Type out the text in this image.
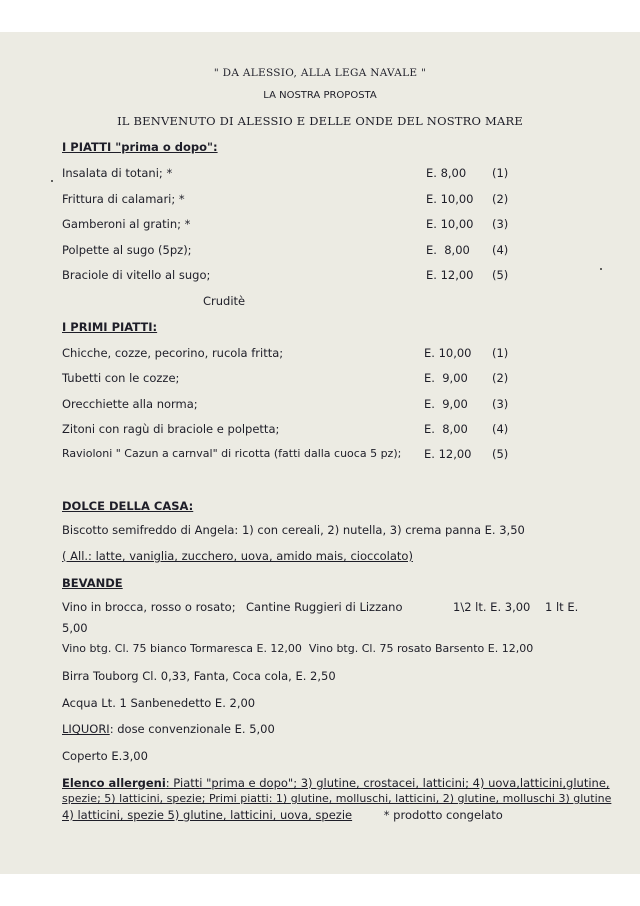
" DA ALESSIO, ALLA LEGA NAVALE "
LA NOSTRA PROPOSTA
IL BENVENUTO DI ALESSIO E DELLE ONDE DEL NOSTRO MARE
I PIATTI "prima o dopo":
Insalata di totani; *	E. 8,00 (1)
Frittura di calamari; *	E. 10,00 (2)
Gamberoni al gratin; *	E. 10,00 (3)
Polpette al sugo (5pz);	E.  8,00 (4)
Braciole di vitello al sugo;	E. 12,00 (5)
Cruditè
I PRIMI PIATTI:
Chicche, cozze, pecorino, rucola fritta;	E. 10,00 (1)
Tubetti con le cozze;	E.  9,00 (2)
Orecchiette alla norma;	E.  9,00 (3)
Zitoni con ragù di braciole e polpetta;	E.  8,00 (4)
Ravioloni " Cazun a carnval" di ricotta (fatti dalla cuoca 5 pz); E. 12,00 (5)
DOLCE DELLA CASA:
Biscotto semifreddo di Angela: 1) con cereali, 2) nutella, 3) crema panna E. 3,50
( All.: latte, vaniglia, zucchero, uova, amido mais, cioccolato)
BEVANDE
Vino in brocca, rosso o rosato; Cantine Ruggieri di Lizzano	1\2 lt. E. 3,00    1 lt E.
5,00
Vino btg. Cl. 75 bianco Tormaresca E. 12,00  Vino btg. Cl. 75 rosato Barsento E. 12,00
Birra Touborg Cl. 0,33, Fanta, Coca cola, E. 2,50
Acqua Lt. 1 Sanbenedetto E. 2,00
LIQUORI: dose convenzionale E. 5,00
Coperto E.3,00
Elenco allergeni: Piatti "prima e dopo"; 3) glutine, crostacei, latticini; 4) uova,latticini,glutine,
spezie; 5) latticini, spezie; Primi piatti: 1) glutine, molluschi, latticini, 2) glutine, molluschi 3) glutine
4) latticini, spezie 5) glutine, latticini, uova, spezie	* prodotto congelato
